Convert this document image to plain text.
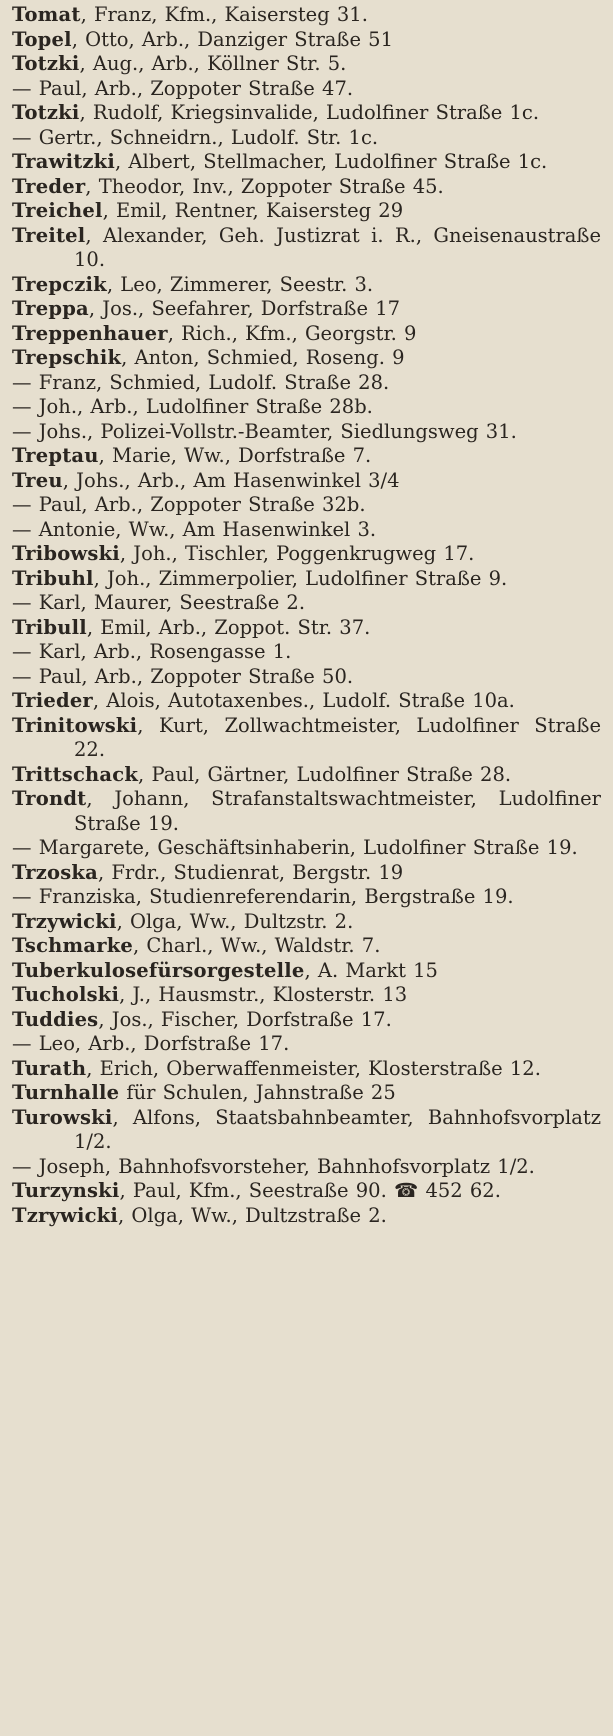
Tomat, Franz, Kfm., Kaisersteg 31.

Topel, Otto, Arb., Danziger Straße 51

Totzki, Aug., Arb., Köllner Str. 5.

— Paul, Arb., Zoppoter Straße 47.

Totzki, Rudolf, Kriegsinvalide, Ludolfiner Straße 1c.

— Gertr., Schneidrn., Ludolf. Str. 1c.

Trawitzki, Albert, Stellmacher, Ludolfiner Straße 1c.

Treder, Theodor, Inv., Zoppoter Straße 45.

Treichel, Emil, Rentner, Kaisersteg 29

Treitel, Alexander, Geh. Justizrat i. R., Gneisenaustraße 10.

Trepczik, Leo, Zimmerer, Seestr. 3.

Treppa, Jos., Seefahrer, Dorfstraße 17

Treppenhauer, Rich., Kfm., Georgstr. 9

Trepschik, Anton, Schmied, Roseng. 9

— Franz, Schmied, Ludolf. Straße 28.

— Joh., Arb., Ludolfiner Straße 28b.

— Johs., Polizei-Vollstr.-Beamter, Siedlungsweg 31.

Treptau, Marie, Ww., Dorfstraße 7.

Treu, Johs., Arb., Am Hasenwinkel 3/4

— Paul, Arb., Zoppoter Straße 32b.

— Antonie, Ww., Am Hasenwinkel 3.

Tribowski, Joh., Tischler, Poggenkrugweg 17.

Tribuhl, Joh., Zimmerpolier, Ludolfiner Straße 9.

— Karl, Maurer, Seestraße 2.

Tribull, Emil, Arb., Zoppot. Str. 37.

— Karl, Arb., Rosengasse 1.

— Paul, Arb., Zoppoter Straße 50.

Trieder, Alois, Autotaxenbes., Ludolf. Straße 10a.

Trinitowski, Kurt, Zollwachtmeister, Ludolfiner Straße 22.

Trittschack, Paul, Gärtner, Ludolfiner Straße 28.

Trondt, Johann, Strafanstaltswachtmeister, Ludolfiner Straße 19.

— Margarete, Geschäftsinhaberin, Ludolfiner Straße 19.

Trzoska, Frdr., Studienrat, Bergstr. 19

— Franziska, Studienreferendarin, Bergstraße 19.

Trzywicki, Olga, Ww., Dultzstr. 2.

Tschmarke, Charl., Ww., Waldstr. 7.

Tuberkulosefürsorgestelle, A. Markt 15

Tucholski, J., Hausmstr., Klosterstr. 13

Tuddies, Jos., Fischer, Dorfstraße 17.

— Leo, Arb., Dorfstraße 17.

Turath, Erich, Oberwaffenmeister, Klosterstraße 12.

Turnhalle für Schulen, Jahnstraße 25

Turowski, Alfons, Staatsbahnbeamter, Bahnhofsvorplatz 1/2.

— Joseph, Bahnhofsvorsteher, Bahnhofsvorplatz 1/2.

Turzynski, Paul, Kfm., Seestraße 90. ☎ 452 62.

Tzrywicki, Olga, Ww., Dultzstraße 2.
